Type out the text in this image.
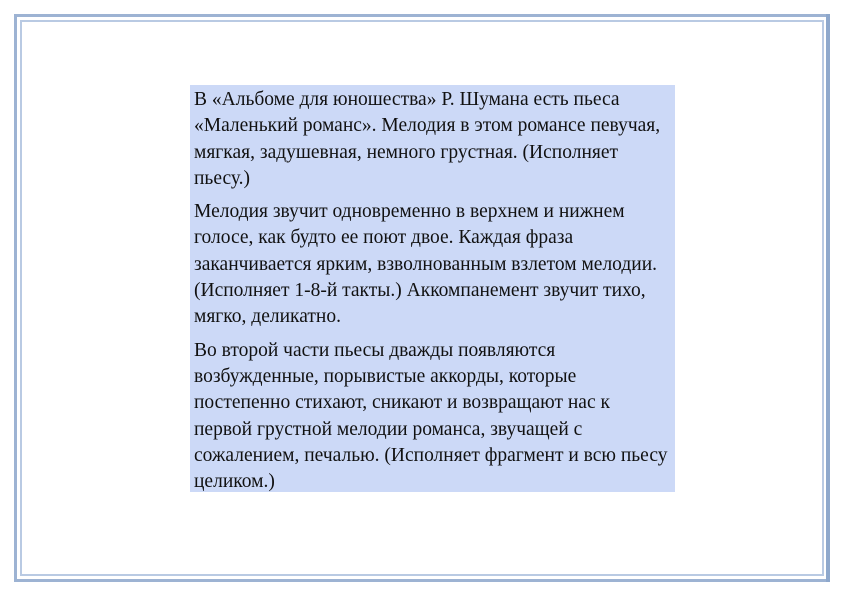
В «Альбоме для юношества» Р. Шумана есть пьеса «Маленький романс». Мелодия в этом романсе певучая, мягкая, задушевная, немного грустная. (Исполняет пьесу.)

Мелодия звучит одновременно в верхнем и нижнем голосе, как будто ее поют двое. Каждая фраза заканчивается ярким, взволнованным взлетом мелодии. (Исполняет 1-8-й такты.) Аккомпанемент звучит тихо, мягко, деликатно.

Во второй части пьесы дважды появляются возбужденные, порывистые аккорды, которые постепенно стихают, сникают и возвращают нас к первой грустной мелодии романса, звучащей с сожалением, печалью. (Исполняет фрагмент и всю пьесу целиком.)
